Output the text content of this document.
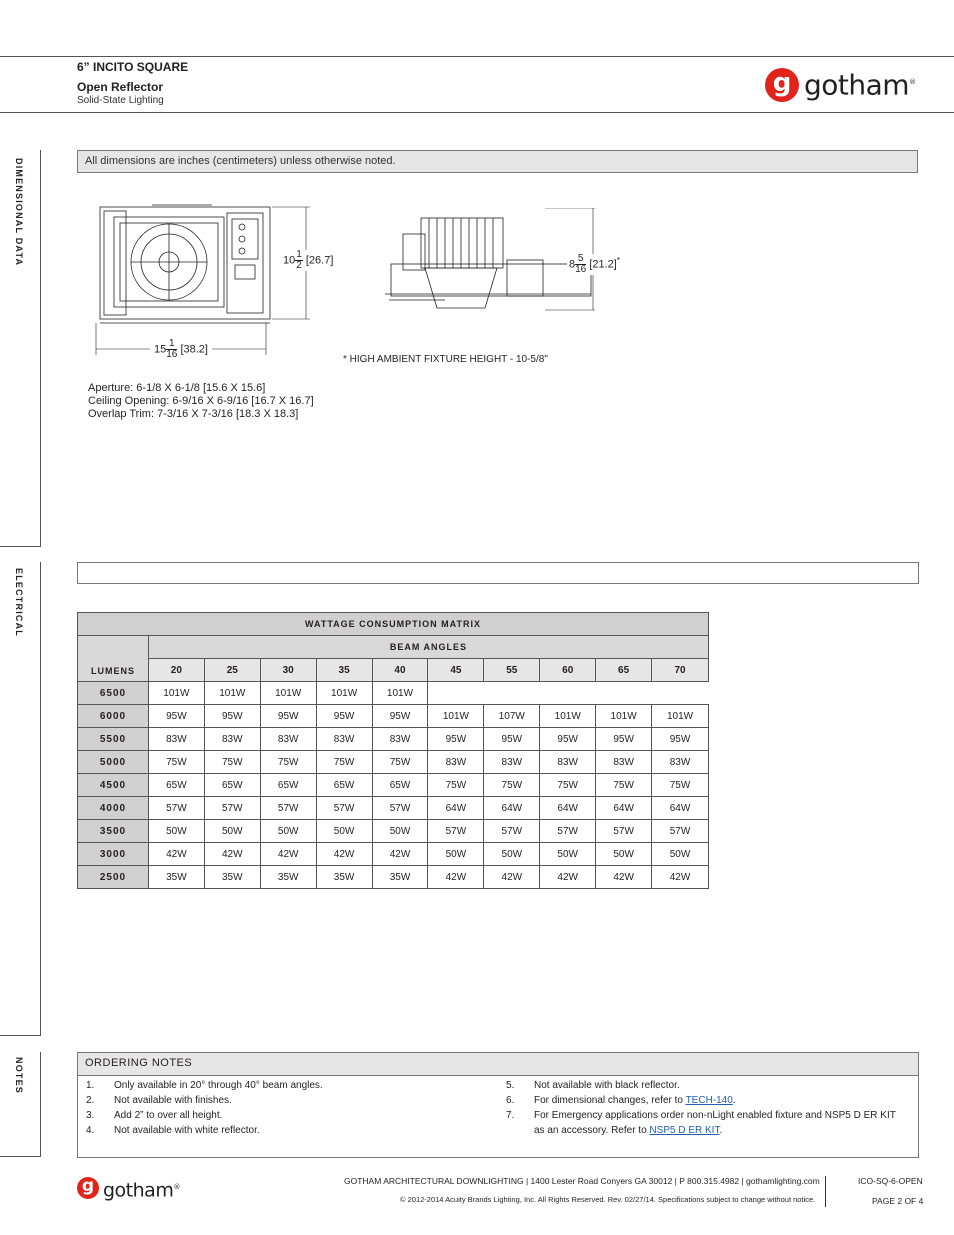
6” INCITO SQUARE
Open Reflector
Solid-State Lighting
g gotham®
DIMENSIONAL DATA
ELECTRICAL
NOTES
All dimensions are inches (centimeters) unless otherwise noted.
$10 \frac{1}{2} [26.7]$
$15 \frac{1}{16} [38.2]$
$8 \frac{5}{16} [21.2]^*$
* HIGH AMBIENT FIXTURE HEIGHT - 10-5/8"
Aperture: 6-1/8 X 6-1/8 [15.6 X 15.6]
Ceiling Opening: 6-9/16 X 6-9/16 [16.7 X 16.7]
Overlap Trim: 7-3/16 X 7-3/16 [18.3 X 18.3]
WATTAGE CONSUMPTION MATRIX										
LUMENS	BEAM ANGLES									
	20	25	30	35	40	45	55	60	65	70
6500	101W	101W	101W	101W	101W					
6000	95W	95W	95W	95W	95W	101W	107W	101W	101W	101W
5500	83W	83W	83W	83W	83W	95W	95W	95W	95W	95W
5000	75W	75W	75W	75W	75W	83W	83W	83W	83W	83W
4500	65W	65W	65W	65W	65W	75W	75W	75W	75W	75W
4000	57W	57W	57W	57W	57W	64W	64W	64W	64W	64W
3500	50W	50W	50W	50W	50W	57W	57W	57W	57W	57W
3000	42W	42W	42W	42W	42W	50W	50W	50W	50W	50W
2500	35W	35W	35W	35W	35W	42W	42W	42W	42W	42W
ORDERING NOTES
1. Only available in 20° through 40° beam angles.
2. Not available with finishes.
3. Add 2” to over all height.
4. Not available with white reflector.
5. Not available with black reflector.
6. For dimensional changes, refer to TECH-140.
7. For Emergency applications order non-nLight enabled fixture and NSP5 D ER KIT as an accessory. Refer to NSP5 D ER KIT.
g gotham®
GOTHAM ARCHITECTURAL DOWNLIGHTING | 1400 Lester Road Conyers GA 30012 | P 800.315.4982 | gothamlighting.com
© 2012-2014 Acuity Brands Lighting, Inc. All Rights Reserved. Rev. 02/27/14. Specifications subject to change without notice.
ICO-SQ-6-OPEN
PAGE 2 OF 4
